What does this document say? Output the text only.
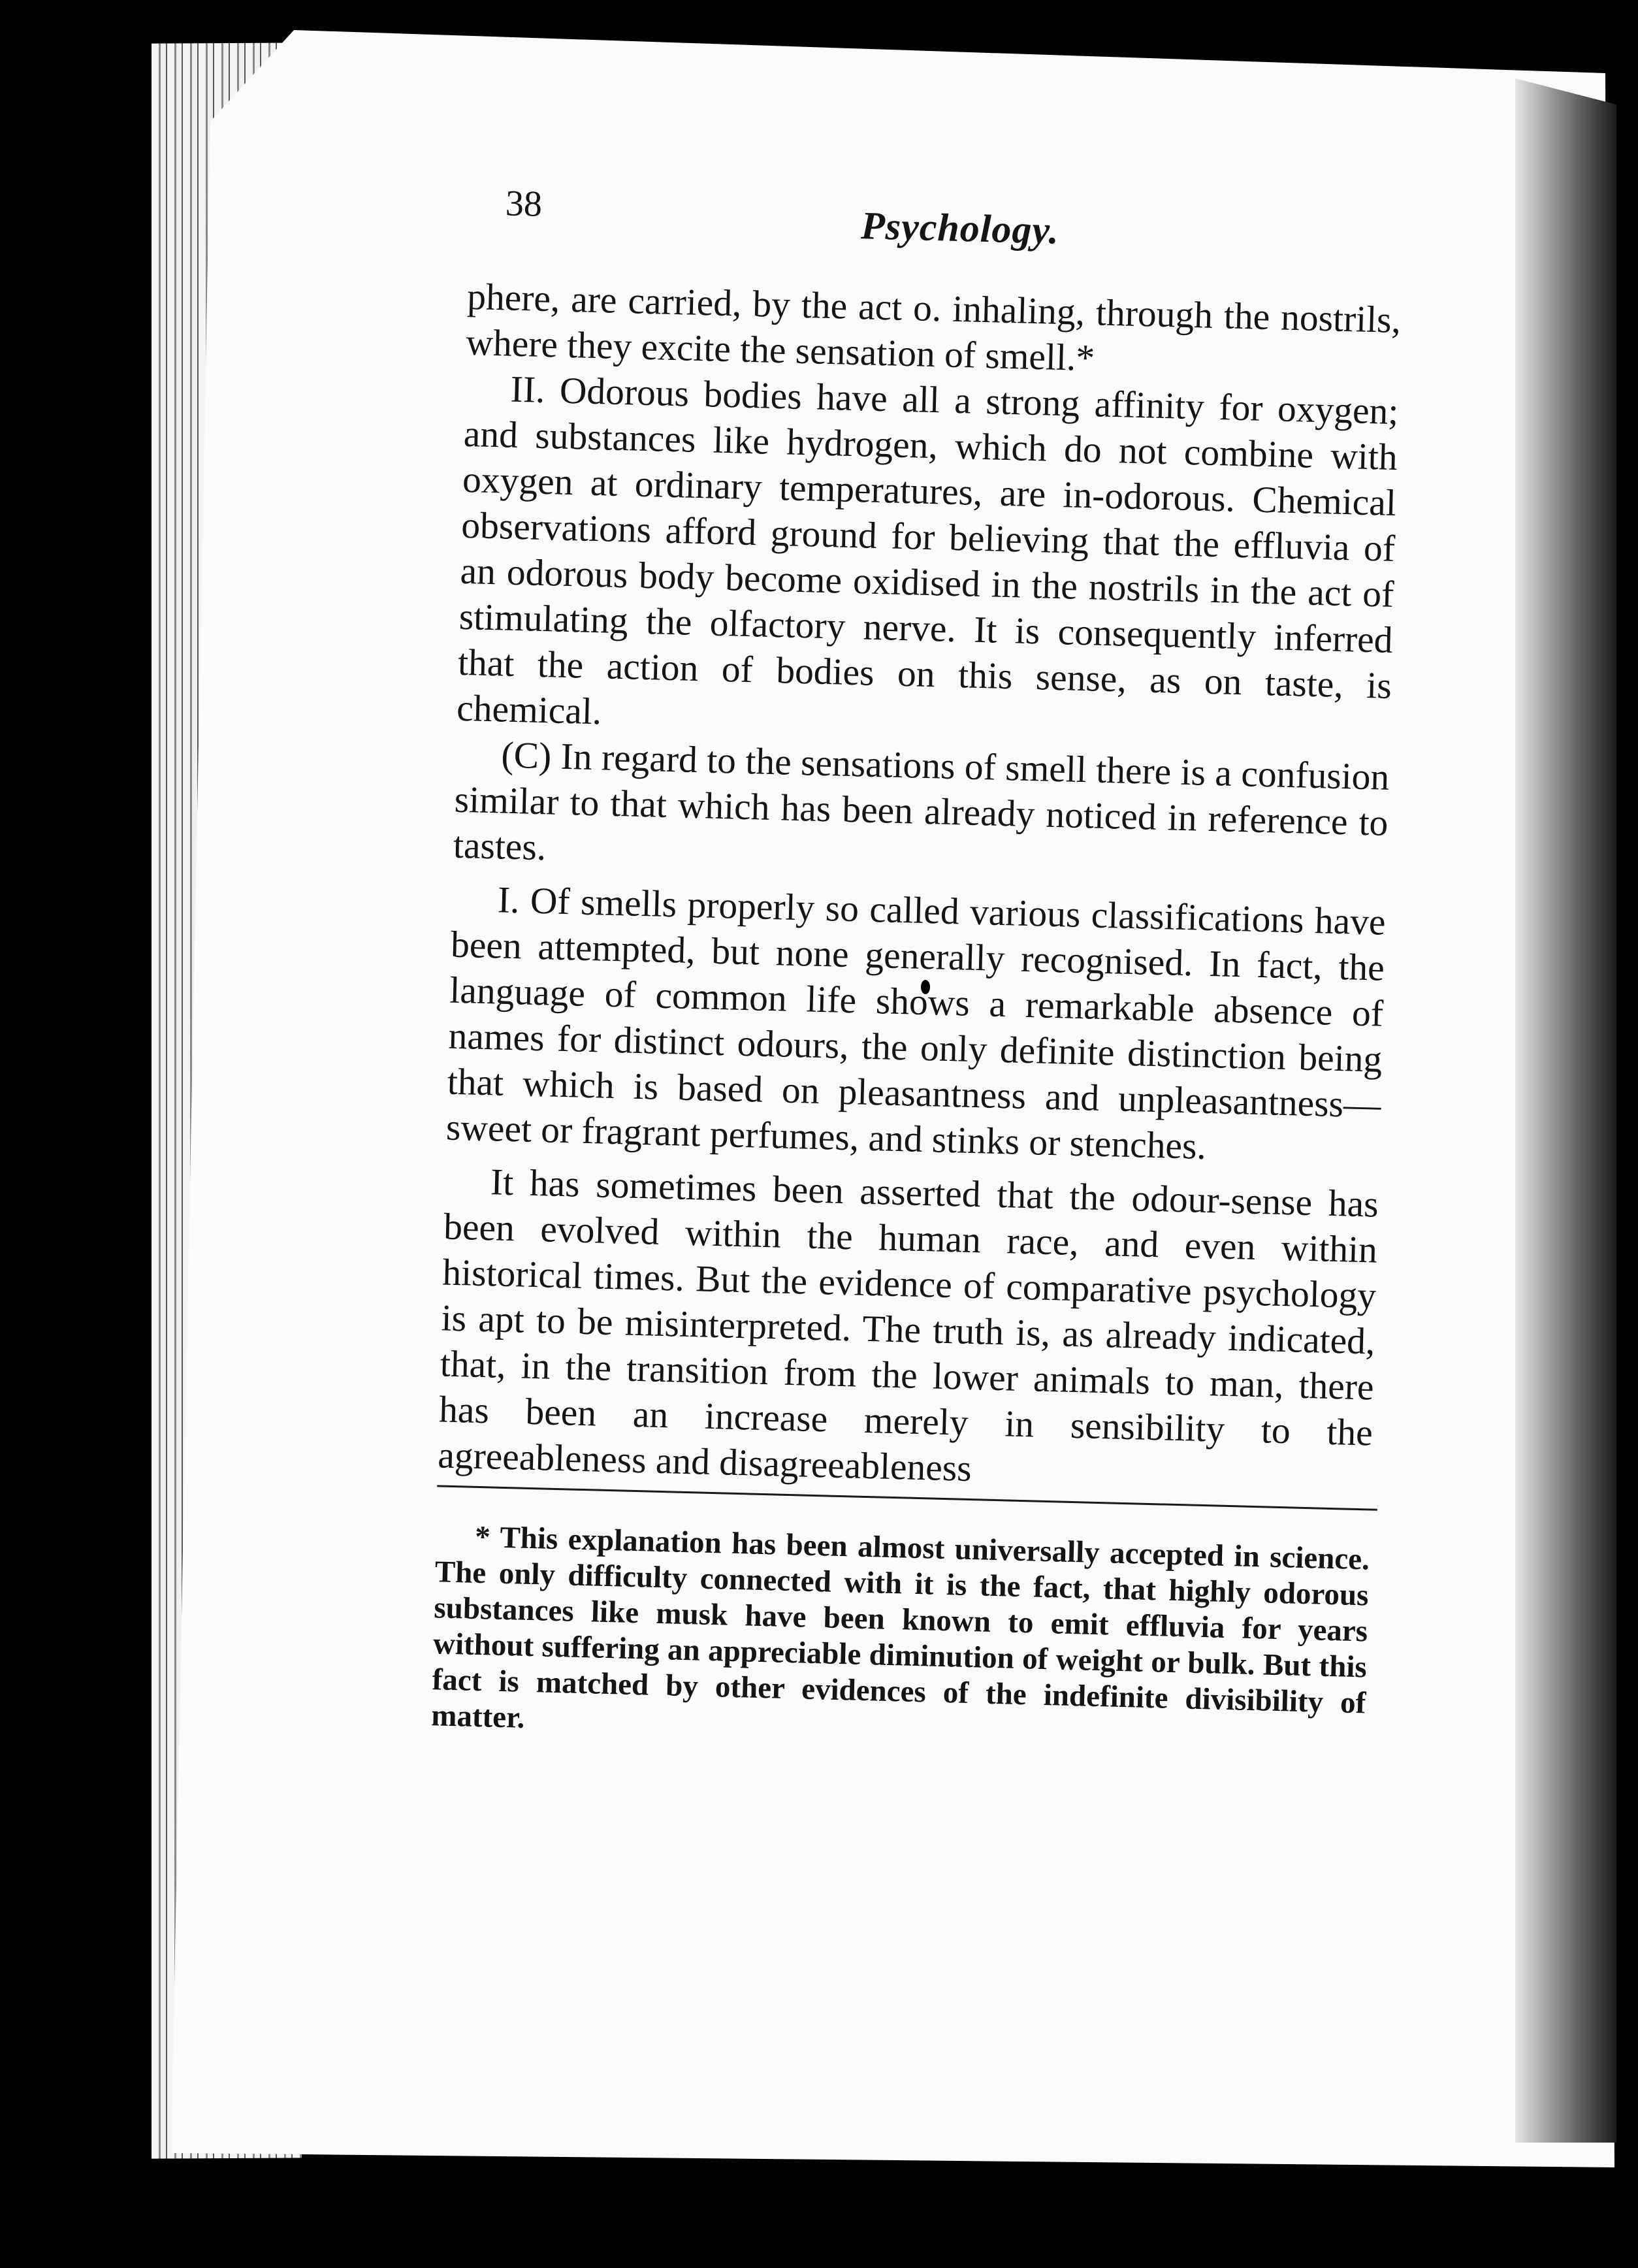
38
Psychology.

phere, are carried, by the act o. inhaling, through the nostrils, where they excite the sensation of smell.*

II. Odorous bodies have all a strong affinity for oxygen; and substances like hydrogen, which do not combine with oxygen at ordinary temperatures, are in-odorous. Chemical observations afford ground for believing that the effluvia of an odorous body become oxidised in the nostrils in the act of stimulating the olfactory nerve. It is consequently inferred that the action of bodies on this sense, as on taste, is chemical.

(C) In regard to the sensations of smell there is a confusion similar to that which has been already noticed in reference to tastes.

I. Of smells properly so called various classifications have been attempted, but none generally recognised. In fact, the language of common life shows a remarkable absence of names for distinct odours, the only definite distinction being that which is based on pleasantness and unpleasantness—sweet or fragrant perfumes, and stinks or stenches.

It has sometimes been asserted that the odour-sense has been evolved within the human race, and even within historical times. But the evidence of comparative psychology is apt to be misinterpreted. The truth is, as already indicated, that, in the transition from the lower animals to man, there has been an increase merely in sensibility to the agreeableness and disagreeableness

* This explanation has been almost universally accepted in science. The only difficulty connected with it is the fact, that highly odorous substances like musk have been known to emit effluvia for years without suffering an appreciable diminution of weight or bulk. But this fact is matched by other evidences of the indefinite divisibility of matter.
